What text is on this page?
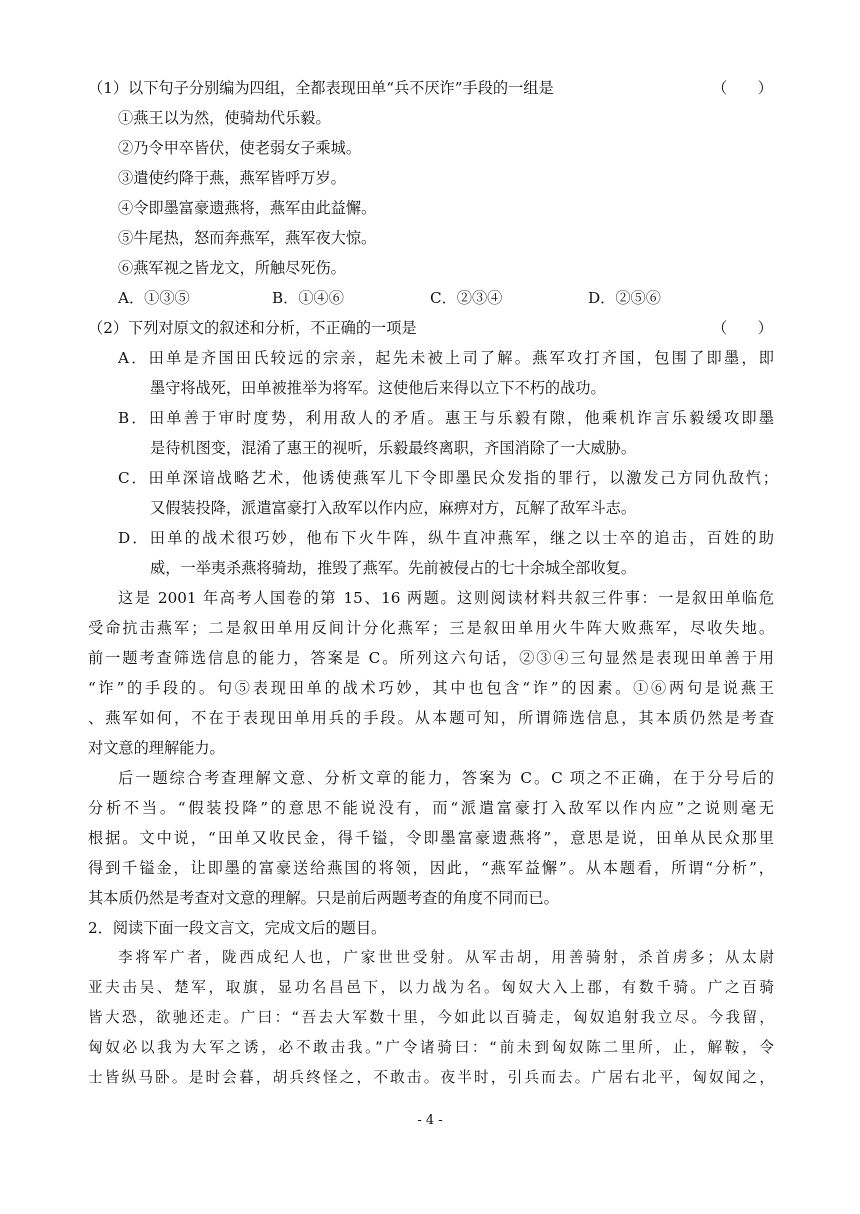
（1）以下句子分别编为四组，全都表现田单“兵不厌诈”手段的一组是	（　　）
①燕王以为然，使骑劫代乐毅。
②乃令甲卒皆伏，使老弱女子乘城。
③遣使约降于燕，燕军皆呼万岁。
④令即墨富豪遗燕将，燕军由此益懈。
⑤牛尾热，怒而奔燕军，燕军夜大惊。
⑥燕军视之皆龙文，所触尽死伤。
A．①③⑤	B．①④⑥	C．②③④	D．②⑤⑥
（2）下列对原文的叙述和分析，不正确的一项是	（　　）
A．田单是齐国田氏较远的宗亲，起先未被上司了解。燕军攻打齐国，包围了即墨，即
墨守将战死，田单被推举为将军。这使他后来得以立下不朽的战功。
B．田单善于审时度势，利用敌人的矛盾。惠王与乐毅有隙，他乘机诈言乐毅缓攻即墨
是待机图变，混淆了惠王的视听，乐毅最终离职，齐国消除了一大威胁。
C．田单深谙战略艺术，他诱使燕军儿下令即墨民众发指的罪行，以激发己方同仇敌忾；
又假装投降，派遣富豪打入敌军以作内应，麻痹对方，瓦解了敌军斗志。
D．田单的战术很巧妙，他布下火牛阵，纵牛直冲燕军，继之以士卒的追击，百姓的助
威，一举夷杀燕将骑劫，推毁了燕军。先前被侵占的七十余城全部收复。
这是 2001 年高考人国卷的第 15、16 两题。这则阅读材料共叙三件事：一是叙田单临危
受命抗击燕军；二是叙田单用反间计分化燕军；三是叙田单用火牛阵大败燕军，尽收失地。
前一题考查筛选信息的能力，答案是 C。所列这六句话，②③④三句显然是表现田单善于用
“诈”的手段的。句⑤表现田单的战术巧妙，其中也包含“诈”的因素。①⑥两句是说燕王
、燕军如何，不在于表现田单用兵的手段。从本题可知，所谓筛选信息，其本质仍然是考查
对文意的理解能力。
后一题综合考查理解文意、分析文章的能力，答案为 C。C 项之不正确，在于分号后的
分析不当。“假装投降”的意思不能说没有，而“派遣富豪打入敌军以作内应”之说则毫无
根据。文中说，“田单又收民金，得千镒，令即墨富豪遗燕将”，意思是说，田单从民众那里
得到千镒金，让即墨的富豪送给燕国的将领，因此，“燕军益懈”。从本题看，所谓“分析”，
其本质仍然是考查对文意的理解。只是前后两题考查的角度不同而已。
2．阅读下面一段文言文，完成文后的题目。
李将军广者，陇西成纪人也，广家世世受射。从军击胡，用善骑射，杀首虏多；从太尉
亚夫击吴、楚军，取旗，显功名昌邑下，以力战为名。匈奴大入上郡，有数千骑。广之百骑
皆大恐，欲驰还走。广曰：“吾去大军数十里，今如此以百骑走，匈奴追射我立尽。今我留，
匈奴必以我为大军之诱，必不敢击我。”广令诸骑曰：“前未到匈奴陈二里所，止，解鞍，令
士皆纵马卧。是时会暮，胡兵终怪之，不敢击。夜半时，引兵而去。广居右北平，匈奴闻之，
- 4 -
